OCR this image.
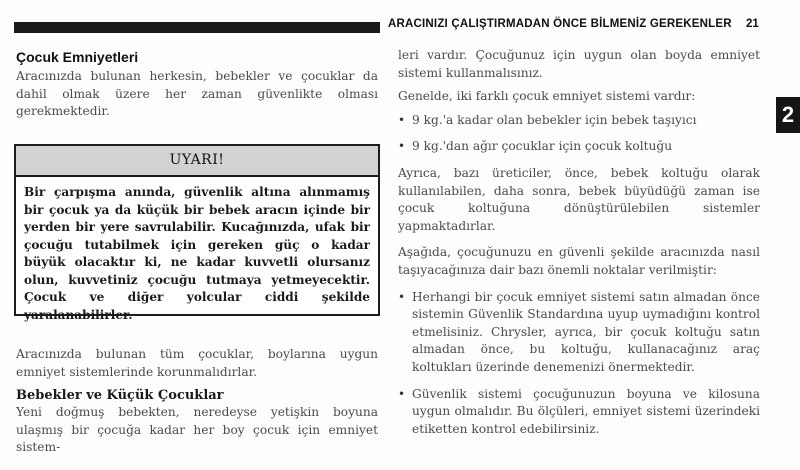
ARACINIZI ÇALIŞTIRMADAN ÖNCE BİLMENİZ GEREKENLER 21
2
Çocuk Emniyetleri

Aracınızda bulunan herkesin, bebekler ve çocuklar da dahil olmak üzere her zaman güvenlikte olması gerekmektedir.

UYARI!

Bir çarpışma anında, güvenlik altına alınmamış bir çocuk ya da küçük bir bebek aracın içinde bir yerden bir yere savrulabilir. Kucağınızda, ufak bir çocuğu tutabilmek için gereken güç o kadar büyük olacaktır ki, ne kadar kuvvetli olursanız olun, kuvvetiniz çocuğu tutmaya yetmeyecektir. Çocuk ve diğer yolcular ciddi şekilde yaralanabilirler.

Aracınızda bulunan tüm çocuklar, boylarına uygun emniyet sistemlerinde korunmalıdırlar.

Bebekler ve Küçük Çocuklar

Yeni doğmuş bebekten, neredeyse yetişkin boyuna ulaşmış bir çocuğa kadar her boy çocuk için emniyet sistem-

leri vardır. Çocuğunuz için uygun olan boyda emniyet sistemi kullanmalısınız.

Genelde, iki farklı çocuk emniyet sistemi vardır:

• 9 kg.'a kadar olan bebekler için bebek taşıyıcı

• 9 kg.'dan ağır çocuklar için çocuk koltuğu

Ayrıca, bazı üreticiler, önce, bebek koltuğu olarak kullanılabilen, daha sonra, bebek büyüdüğü zaman ise çocuk koltuğuna dönüştürülebilen sistemler yapmaktadırlar.

Aşağıda, çocuğunuzu en güvenli şekilde aracınızda nasıl taşıyacağınıza dair bazı önemli noktalar verilmiştir:

• Herhangi bir çocuk emniyet sistemi satın almadan önce sistemin Güvenlik Standardına uyup uymadığını kontrol etmelisiniz. Chrysler, ayrıca, bir çocuk koltuğu satın almadan önce, bu koltuğu, kullanacağınız araç koltukları üzerinde denemenizi önermektedir.

• Güvenlik sistemi çocuğunuzun boyuna ve kilosuna uygun olmalıdır. Bu ölçüleri, emniyet sistemi üzerindeki etiketten kontrol edebilirsiniz.
